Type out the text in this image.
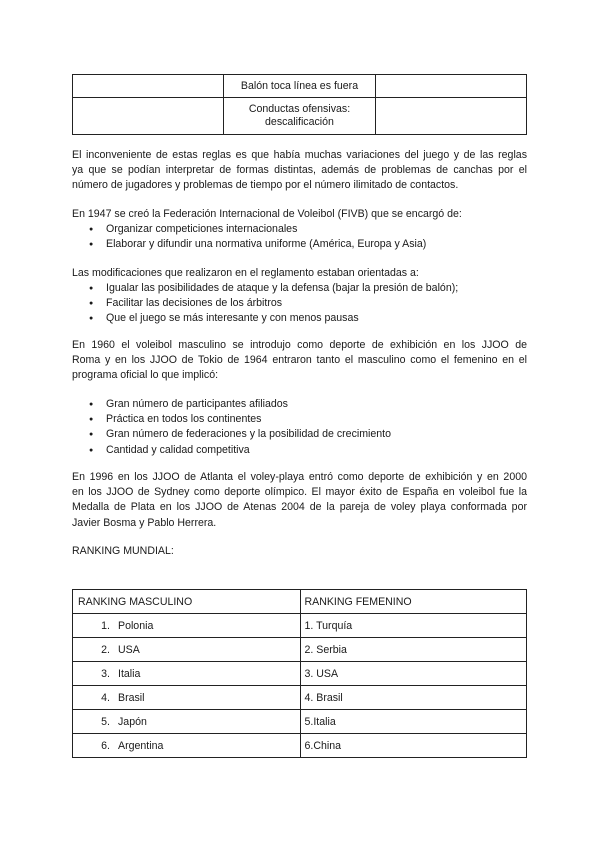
	Balón toca línea es fuera	
	Conductas ofensivas:
descalificación	

El inconveniente de estas reglas es que había muchas variaciones del juego y de las reglas
ya que se podían interpretar de formas distintas, además de problemas de canchas por el
número de jugadores y problemas de tiempo por el número ilimitado de contactos.

En 1947 se creó la Federación Internacional de Voleibol (FIVB) que se encargó de:

● Organizar competiciones internacionales
● Elaborar y difundir una normativa uniforme (América, Europa y Asia)

Las modificaciones que realizaron en el reglamento estaban orientadas a:

● Igualar las posibilidades de ataque y la defensa (bajar la presión de balón);
● Facilitar las decisiones de los árbitros
● Que el juego se más interesante y con menos pausas

En 1960 el voleibol masculino se introdujo como deporte de exhibición en los JJOO de
Roma y en los JJOO de Tokio de 1964 entraron tanto el masculino como el femenino en el
programa oficial lo que implicó:

● Gran número de participantes afiliados
● Práctica en todos los continentes
● Gran número de federaciones y la posibilidad de crecimiento
● Cantidad y calidad competitiva

En 1996 en los JJOO de Atlanta el voley-playa entró como deporte de exhibición y en 2000
en los JJOO de Sydney como deporte olímpico. El mayor éxito de España en voleibol fue la
Medalla de Plata en los JJOO de Atenas 2004 de la pareja de voley playa conformada por
Javier Bosma y Pablo Herrera.

RANKING MUNDIAL:

RANKING MASCULINO	RANKING FEMENINO
1. Polonia	1. Turquía
2. USA	2. Serbia
3. Italia	3. USA
4. Brasil	4. Brasil
5. Japón	5.Italia
6. Argentina	6.China
